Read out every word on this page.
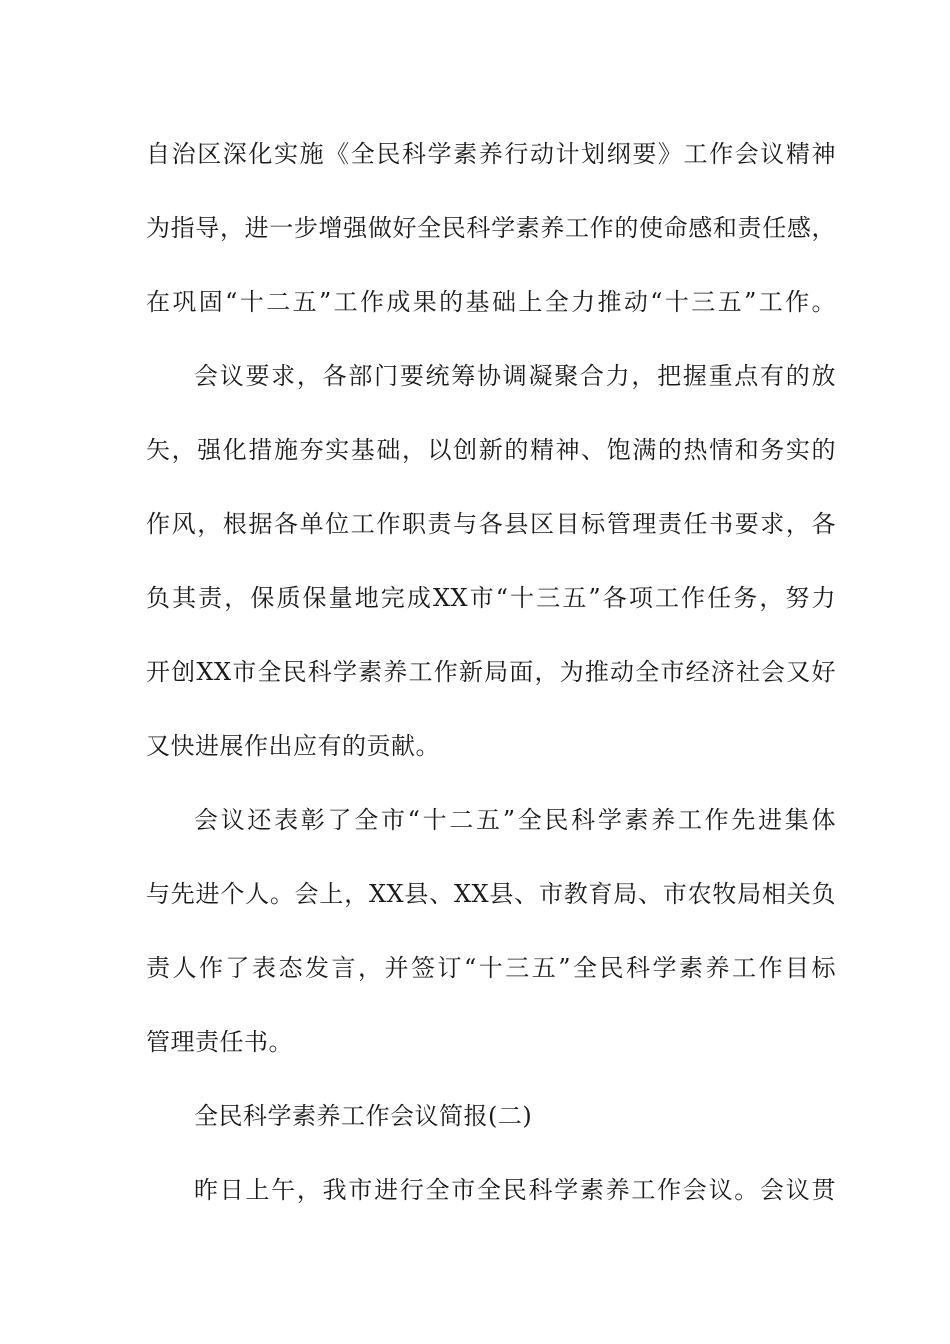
自治区深化实施《全民科学素养行动计划纲要》工作会议精神
为指导，进一步增强做好全民科学素养工作的使命感和责任感，
在巩固“十二五”工作成果的基础上全力推动“十三五”工作。
会议要求，各部门要统筹协调凝聚合力，把握重点有的放
矢，强化措施夯实基础，以创新的精神、饱满的热情和务实的
作风，根据各单位工作职责与各县区目标管理责任书要求，各
负其责，保质保量地完成XX市“十三五”各项工作任务，努力
开创XX市全民科学素养工作新局面，为推动全市经济社会又好
又快进展作出应有的贡献。
会议还表彰了全市“十二五”全民科学素养工作先进集体
与先进个人。会上，XX县、XX县、市教育局、市农牧局相关负
责人作了表态发言，并签订“十三五”全民科学素养工作目标
管理责任书。
全民科学素养工作会议简报(二)
昨日上午，我市进行全市全民科学素养工作会议。会议贯
